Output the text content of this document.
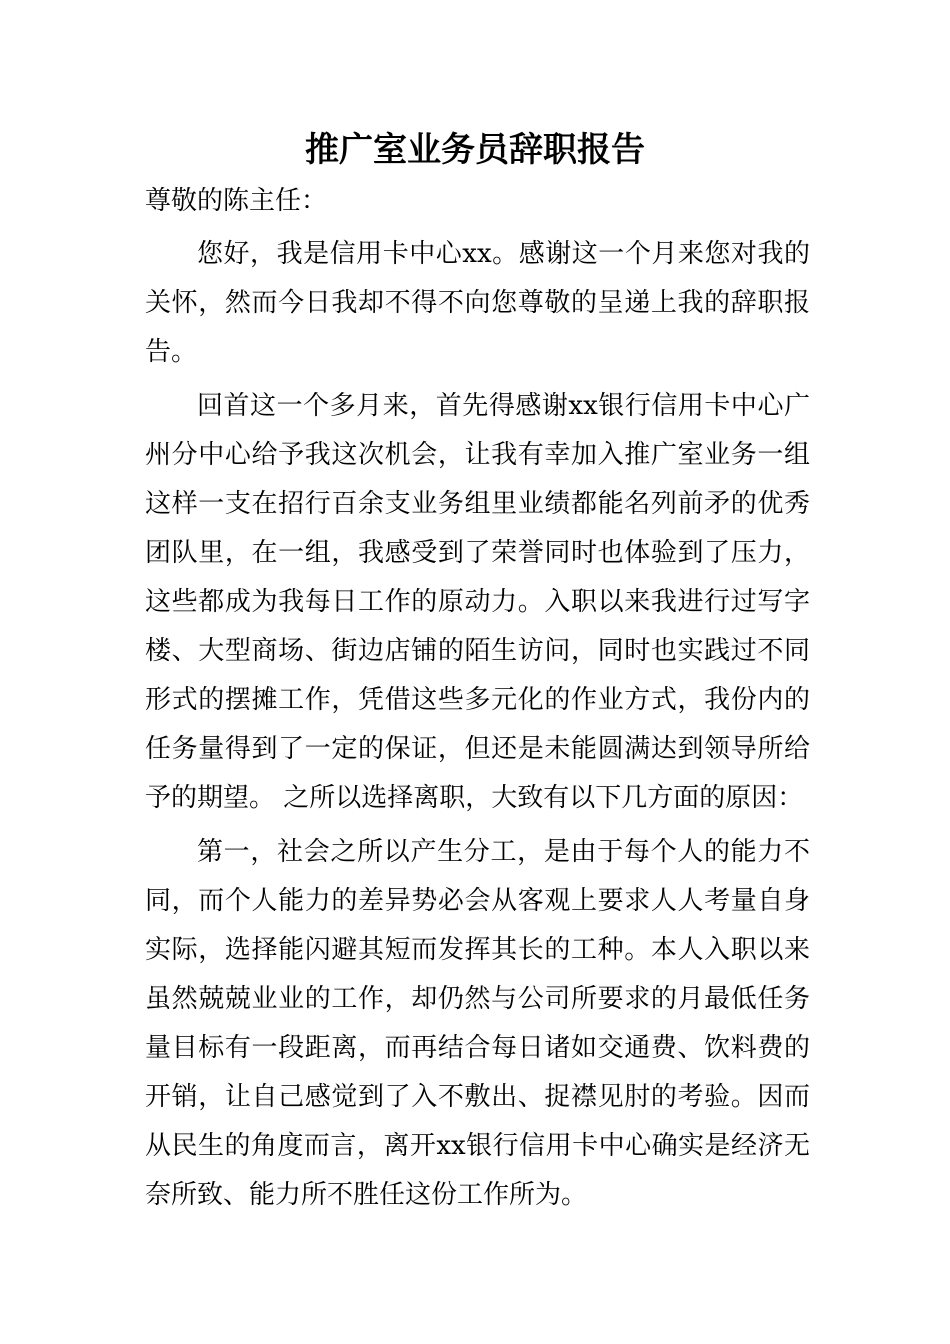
推广室业务员辞职报告

尊敬的陈主任：

您好，我是信用卡中心xx。感谢这一个月来您对我的关怀，然而今日我却不得不向您尊敬的呈递上我的辞职报告。

回首这一个多月来，首先得感谢xx银行信用卡中心广州分中心给予我这次机会，让我有幸加入推广室业务一组这样一支在招行百余支业务组里业绩都能名列前矛的优秀团队里，在一组，我感受到了荣誉同时也体验到了压力，这些都成为我每日工作的原动力。入职以来我进行过写字楼、大型商场、街边店铺的陌生访问，同时也实践过不同形式的摆摊工作，凭借这些多元化的作业方式，我份内的任务量得到了一定的保证，但还是未能圆满达到领导所给予的期望。 之所以选择离职，大致有以下几方面的原因：

第一，社会之所以产生分工，是由于每个人的能力不同，而个人能力的差异势必会从客观上要求人人考量自身实际，选择能闪避其短而发挥其长的工种。本人入职以来虽然兢兢业业的工作，却仍然与公司所要求的月最低任务量目标有一段距离，而再结合每日诸如交通费、饮料费的开销，让自己感觉到了入不敷出、捉襟见肘的考验。因而从民生的角度而言，离开xx银行信用卡中心确实是经济无奈所致、能力所不胜任这份工作所为。
